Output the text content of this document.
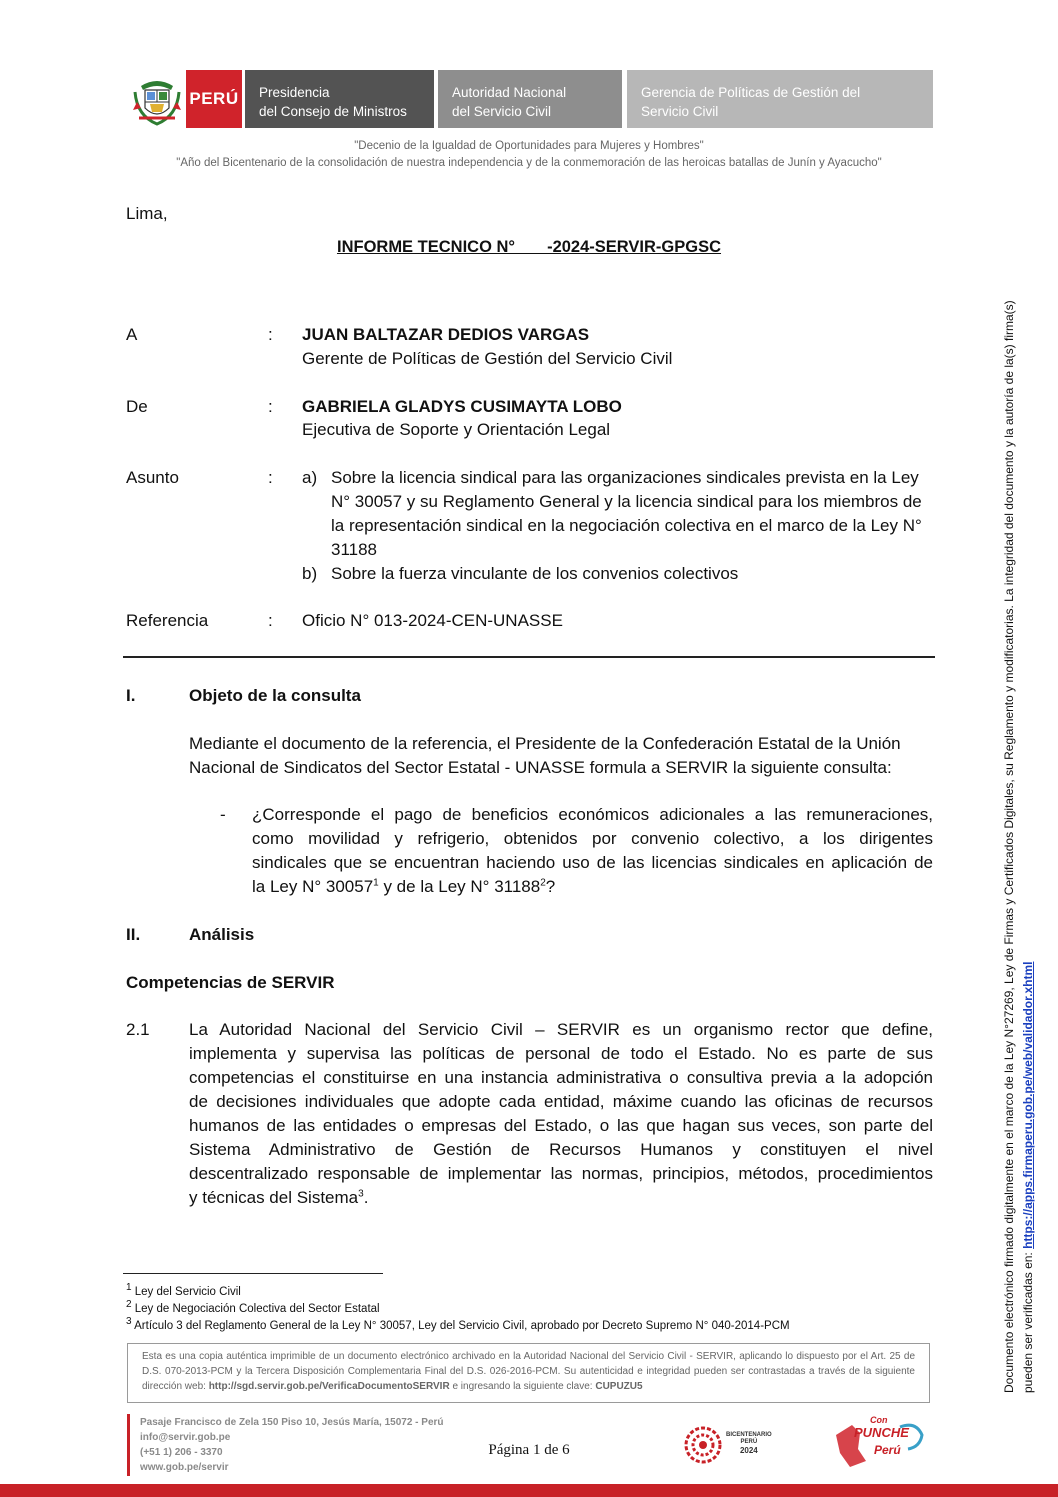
PERÚ Presidencia
del Consejo de Ministros
Autoridad Nacional
del Servicio Civil
Gerencia de Políticas de Gestión del
Servicio Civil
"Decenio de la Igualdad de Oportunidades para Mujeres y Hombres"
"Año del Bicentenario de la consolidación de nuestra independencia y de la conmemoración de las heroicas batallas de Junín y Ayacucho"
Lima,
INFORME TECNICO N°       -2024-SERVIR-GPGSC
A	: JUAN BALTAZAR DEDIOS VARGAS
Gerente de Políticas de Gestión del Servicio Civil
De	: GABRIELA GLADYS CUSIMAYTA LOBO
Ejecutiva de Soporte y Orientación Legal
Asunto	: a) Sobre la licencia sindical para las organizaciones sindicales prevista en la Ley
N° 30057 y su Reglamento General y la licencia sindical para los miembros de
la representación sindical en la negociación colectiva en el marco de la Ley N°
31188
b) Sobre la fuerza vinculante de los convenios colectivos
Referencia	: Oficio N° 013-2024-CEN-UNASSE
I.	Objeto de la consulta
Mediante el documento de la referencia, el Presidente de la Confederación Estatal de la Unión
Nacional de Sindicatos del Sector Estatal - UNASSE formula a SERVIR la siguiente consulta:
- ¿Corresponde el pago de beneficios económicos adicionales a las remuneraciones,
como movilidad y refrigerio, obtenidos por convenio colectivo, a los dirigentes
sindicales que se encuentran haciendo uso de las licencias sindicales en aplicación de
la Ley N° 30057$^1$ y de la Ley N° 31188$^2$?
II.	Análisis
Competencias de SERVIR
2.1 La Autoridad Nacional del Servicio Civil – SERVIR es un organismo rector que define,
implementa y supervisa las políticas de personal de todo el Estado. No es parte de sus
competencias el constituirse en una instancia administrativa o consultiva previa a la adopción
de decisiones individuales que adopte cada entidad, máxime cuando las oficinas de recursos
humanos de las entidades o empresas del Estado, o las que hagan sus veces, son parte del
Sistema Administrativo de Gestión de Recursos Humanos y constituyen el nivel
descentralizado responsable de implementar las normas, principios, métodos, procedimientos
y técnicas del Sistema$^3$.
$^1$ Ley del Servicio Civil
$^2$ Ley de Negociación Colectiva del Sector Estatal
$^3$ Artículo 3 del Reglamento General de la Ley N° 30057, Ley del Servicio Civil, aprobado por Decreto Supremo N° 040-2014-PCM
Esta es una copia auténtica imprimible de un documento electrónico archivado en la Autoridad Nacional del Servicio Civil - SERVIR, aplicando lo dispuesto por el Art. 25 de D.S. 070-2013-PCM y la Tercera Disposición Complementaria Final del D.S. 026-2016-PCM. Su autenticidad e integridad pueden ser contrastadas a través de la siguiente dirección web: http://sgd.servir.gob.pe/VerificaDocumentoSERVIR e ingresando la siguiente clave: CUPUZU5
Pasaje Francisco de Zela 150 Piso 10, Jesús María, 15072 - Perú
info@servir.gob.pe
(+51 1) 206 - 3370
www.gob.pe/servir
Página 1 de 6
BICENTENARIO
PERÚ
2024
Con
PUNCHE
Perú
Documento electrónico firmado digitalmente en el marco de la Ley N°27269, Ley de Firmas y Certificados Digitales, su Reglamento y modificatorias. La integridad del documento y la autoría de la(s) firma(s) pueden ser verificadas en: https://apps.firmaperu.gob.pe/web/validador.xhtml
